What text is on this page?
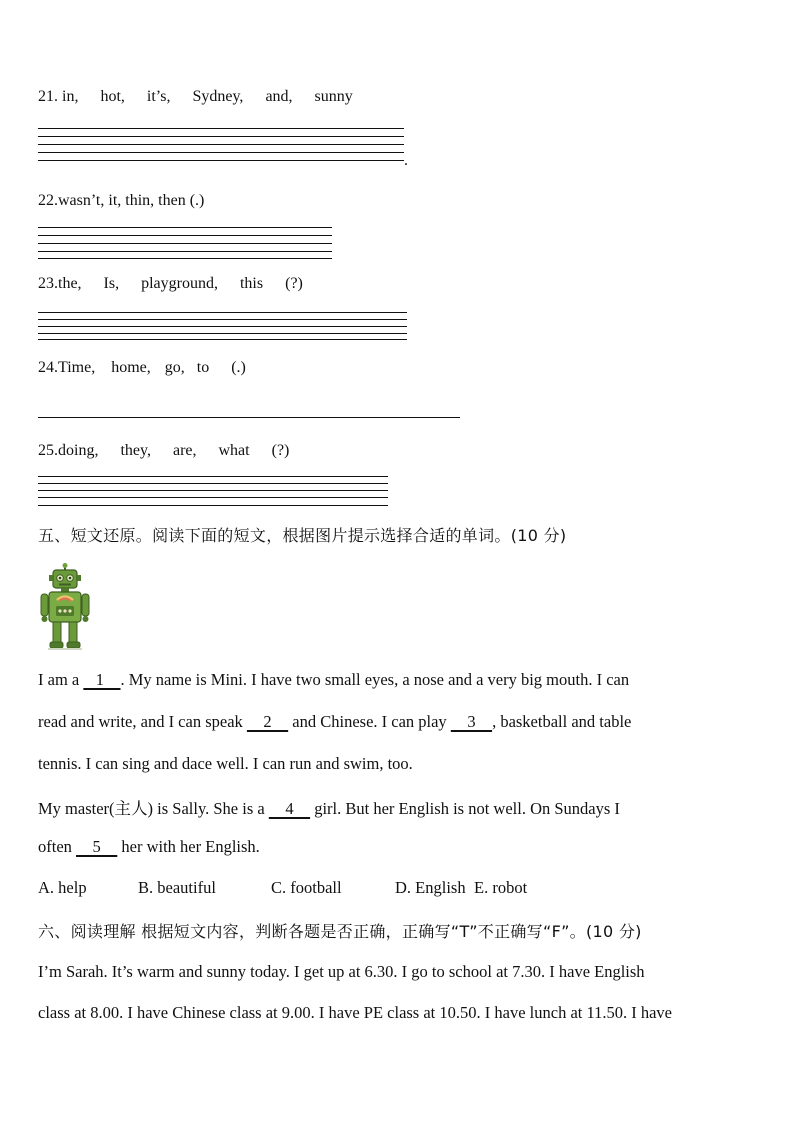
21. in, hot, it’s, Sydney, and, sunny
.
22.wasn’t, it, thin, then (.)
23.the, Is, playground, this (?)
24.Time, home, go, to (.)
25.doing, they, are, what (?)
五、短文还原。阅读下面的短文，根据图片提示选择合适的单词。(10 分)
I am a    1    . My name is Mini. I have two small eyes, a nose and a very big mouth. I can
read and write, and I can speak     2     and Chinese. I can play     3    , basketball and table
tennis. I can sing and dace well. I can run and swim, too.
My master(主人) is Sally. She is a     4     girl. But her English is not well. On Sundays I
often     5     her with her English.
A. help	B. beautiful	C. football	D. English E. robot
六、阅读理解 根据短文内容，判断各题是否正确，正确写“T”不正确写“F”。(10 分)
I’m Sarah. It’s warm and sunny today. I get up at 6.30. I go to school at 7.30. I have English
class at 8.00. I have Chinese class at 9.00. I have PE class at 10.50. I have lunch at 11.50. I have
